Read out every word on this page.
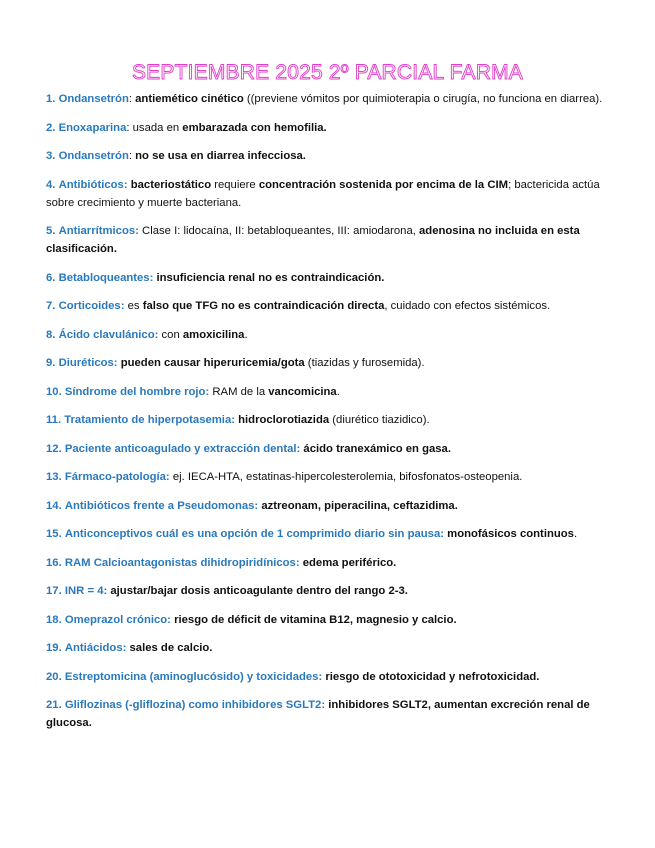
SEPTIEMBRE 2025 2º PARCIAL FARMA

1. Ondansetrón: antiemético cinético ((previene vómitos por quimioterapia o cirugía, no funciona en diarrea).

2. Enoxaparina: usada en embarazada con hemofilia.

3. Ondansetrón: no se usa en diarrea infecciosa.

4. Antibióticos: bacteriostático requiere concentración sostenida por encima de la CIM; bactericida actúa sobre crecimiento y muerte bacteriana.

5. Antiarrítmicos: Clase I: lidocaína, II: betabloqueantes, III: amiodarona, adenosina no incluida en esta clasificación.

6. Betabloqueantes: insuficiencia renal no es contraindicación.

7. Corticoides: es falso que TFG no es contraindicación directa, cuidado con efectos sistémicos.

8. Ácido clavulánico: con amoxicilina.

9. Diuréticos: pueden causar hiperuricemia/gota (tiazidas y furosemida).

10. Síndrome del hombre rojo: RAM de la vancomicina.

11. Tratamiento de hiperpotasemia: hidroclorotiazida (diurético tiazidico).

12. Paciente anticoagulado y extracción dental: ácido tranexámico en gasa.

13. Fármaco-patología: ej. IECA-HTA, estatinas-hipercolesterolemia, bifosfonatos-osteopenia.

14. Antibióticos frente a Pseudomonas: aztreonam, piperacilina, ceftazidima.

15. Anticonceptivos cuál es una opción de 1 comprimido diario sin pausa: monofásicos continuos.

16. RAM Calcioantagonistas dihidropiridínicos: edema periférico.

17. INR = 4: ajustar/bajar dosis anticoagulante dentro del rango 2-3.

18. Omeprazol crónico: riesgo de déficit de vitamina B12, magnesio y calcio.

19. Antiácidos: sales de calcio.

20. Estreptomicina (aminoglucósido) y toxicidades: riesgo de ototoxicidad y nefrotoxicidad.

21. Gliflozinas (-gliflozina) como inhibidores SGLT2: inhibidores SGLT2, aumentan excreción renal de glucosa.
